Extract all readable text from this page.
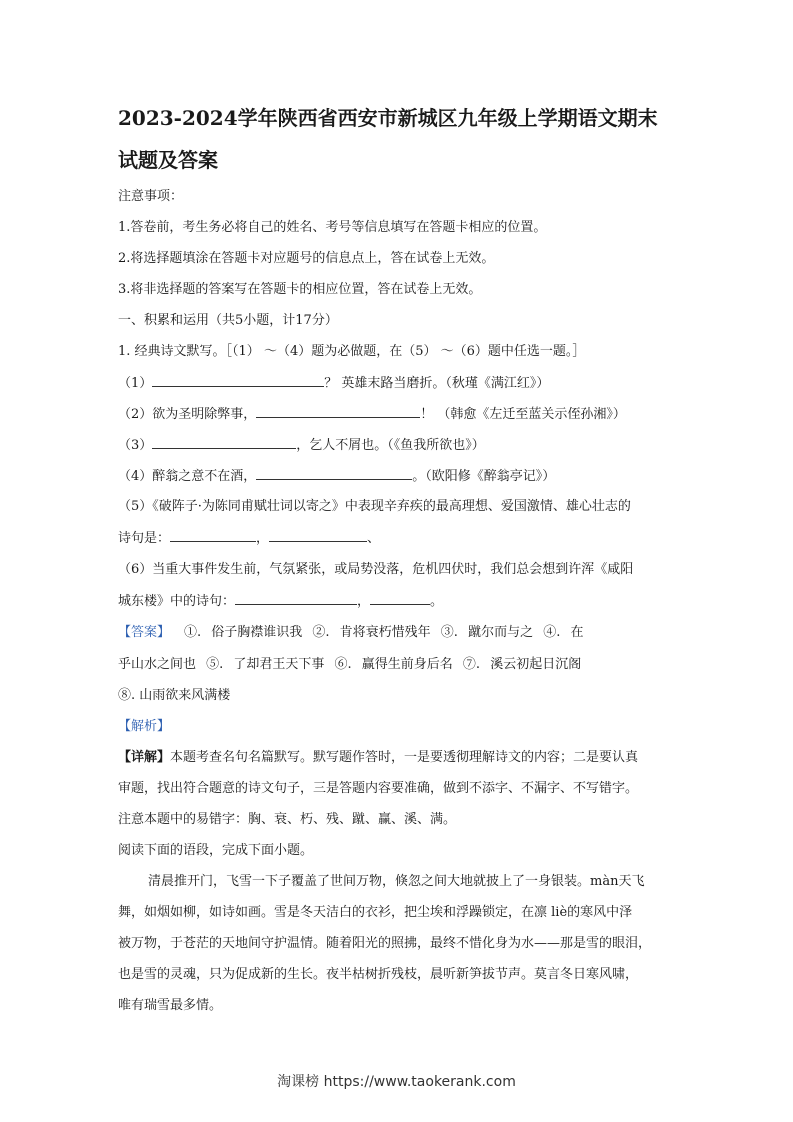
2023-2024学年陕西省西安市新城区九年级上学期语文期末
试题及答案
注意事项：
1.答卷前，考生务必将自己的姓名、考号等信息填写在答题卡相应的位置。
2.将选择题填涂在答题卡对应题号的信息点上，答在试卷上无效。
3.将非选择题的答案写在答题卡的相应位置，答在试卷上无效。
一、积累和运用（共5小题，计17分）
1. 经典诗文默写。［（1） ～（4）题为必做题，在（5） ～（6）题中任选一题。］
（1）	？ 英雄末路当磨折。（秋瑾《满江红》）
（2）欲为圣明除弊事，	！ （韩愈《左迁至蓝关示侄孙湘》）
（3）	，乞人不屑也。（《鱼我所欲也》）
（4）醉翁之意不在酒，	。（欧阳修《醉翁亭记》）
（5）《破阵子·为陈同甫赋壮词以寄之》中表现辛弃疾的最高理想、爱国激情、雄心壮志的
诗句是：	，	、
（6）当重大事件发生前，气氛紧张，或局势没落，危机四伏时，我们总会想到许浑《咸阳
城东楼》中的诗句：	，	。
【答案】 ①. 俗子胸襟谁识我 ②. 肯将衰朽惜残年 ③. 蹴尔而与之 ④. 在
乎山水之间也 ⑤. 了却君王天下事 ⑥. 赢得生前身后名 ⑦. 溪云初起日沉阁
⑧. 山雨欲来风满楼
【解析】
【详解】本题考查名句名篇默写。默写题作答时，一是要透彻理解诗文的内容；二是要认真
审题，找出符合题意的诗文句子，三是答题内容要准确，做到不添字、不漏字、不写错字。
注意本题中的易错字：胸、衰、朽、残、蹴、赢、溪、满。
阅读下面的语段，完成下面小题。
清晨推开门，飞雪一下子覆盖了世间万物，倏忽之间大地就披上了一身银装。màn天飞
舞，如烟如柳，如诗如画。雪是冬天洁白的衣衫，把尘埃和浮躁锁定，在凛 liè的寒风中泽
被万物，于苍茫的天地间守护温情。随着阳光的照拂，最终不惜化身为水——那是雪的眼泪，
也是雪的灵魂，只为促成新的生长。夜半枯树折残枝，晨听新笋拔节声。莫言冬日寒风啸，
唯有瑞雪最多情。
淘课榜 https://www.taokerank.com
